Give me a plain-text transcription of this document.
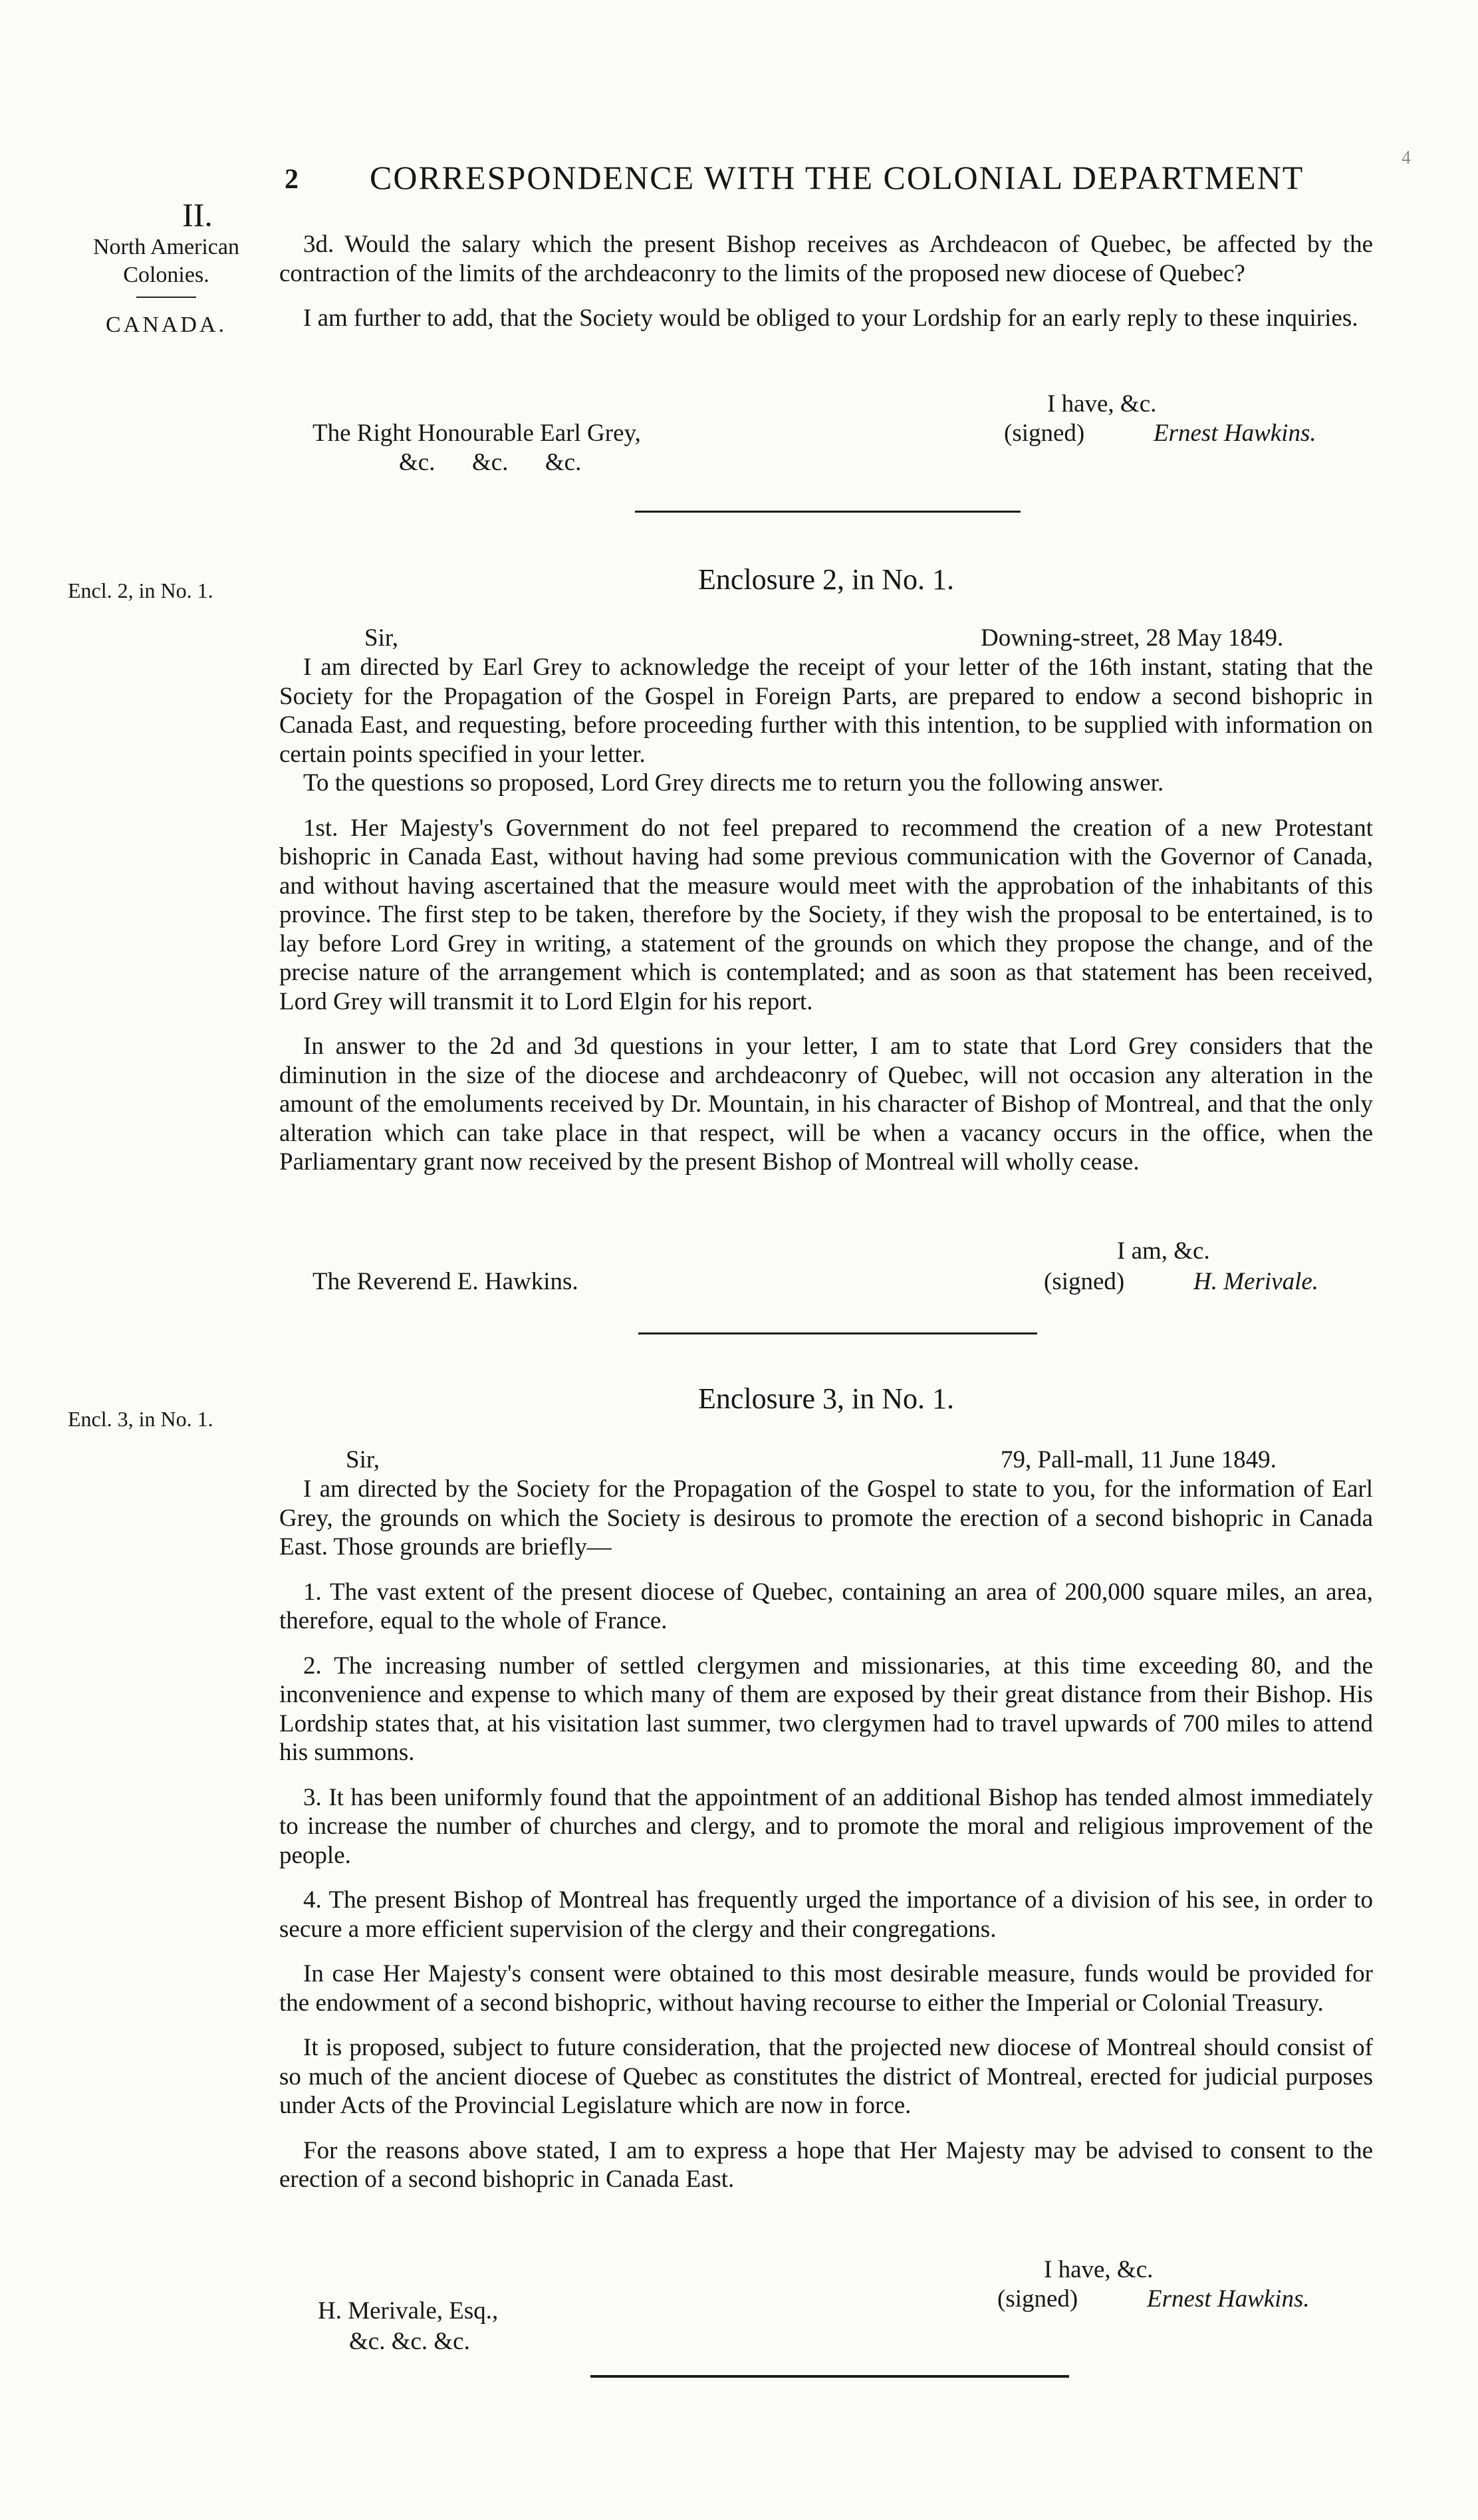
2 CORRESPONDENCE WITH THE COLONIAL DEPARTMENT
4
II.
North American
Colonies.
CANADA.

3d. Would the salary which the present Bishop receives as Archdeacon of Quebec, be affected by the contraction of the limits of the archdeaconry to the limits of the proposed new diocese of Quebec?

I am further to add, that the Society would be obliged to your Lordship for an early reply to these inquiries.

I have, &c.
(signed)	Ernest Hawkins.
The Right Honourable Earl Grey,
&c.      &c.      &c.
Encl. 2, in No. 1.	Enclosure 2, in No. 1.
Sir,	Downing-street, 28 May 1849.

I am directed by Earl Grey to acknowledge the receipt of your letter of the 16th instant, stating that the Society for the Propagation of the Gospel in Foreign Parts, are prepared to endow a second bishopric in Canada East, and requesting, before proceeding further with this intention, to be supplied with information on certain points specified in your letter.

To the questions so proposed, Lord Grey directs me to return you the following answer.

1st. Her Majesty's Government do not feel prepared to recommend the creation of a new Protestant bishopric in Canada East, without having had some previous communication with the Governor of Canada, and without having ascertained that the measure would meet with the approbation of the inhabitants of this province. The first step to be taken, therefore by the Society, if they wish the proposal to be entertained, is to lay before Lord Grey in writing, a statement of the grounds on which they propose the change, and of the precise nature of the arrangement which is contemplated; and as soon as that statement has been received, Lord Grey will transmit it to Lord Elgin for his report.

In answer to the 2d and 3d questions in your letter, I am to state that Lord Grey considers that the diminution in the size of the diocese and archdeaconry of Quebec, will not occasion any alteration in the amount of the emoluments received by Dr. Mountain, in his character of Bishop of Montreal, and that the only alteration which can take place in that respect, will be when a vacancy occurs in the office, when the Parliamentary grant now received by the present Bishop of Montreal will wholly cease.

I am, &c.
(signed)	H. Merivale.
The Reverend E. Hawkins.
Encl. 3, in No. 1.
Enclosure 3, in No. 1.
Sir,	79, Pall-mall, 11 June 1849.

I am directed by the Society for the Propagation of the Gospel to state to you, for the information of Earl Grey, the grounds on which the Society is desirous to promote the erection of a second bishopric in Canada East. Those grounds are briefly—

1. The vast extent of the present diocese of Quebec, containing an area of 200,000 square miles, an area, therefore, equal to the whole of France.

2. The increasing number of settled clergymen and missionaries, at this time exceeding 80, and the inconvenience and expense to which many of them are exposed by their great distance from their Bishop. His Lordship states that, at his visitation last summer, two clergymen had to travel upwards of 700 miles to attend his summons.

3. It has been uniformly found that the appointment of an additional Bishop has tended almost immediately to increase the number of churches and clergy, and to promote the moral and religious improvement of the people.

4. The present Bishop of Montreal has frequently urged the importance of a division of his see, in order to secure a more efficient supervision of the clergy and their congregations.

In case Her Majesty's consent were obtained to this most desirable measure, funds would be provided for the endowment of a second bishopric, without having recourse to either the Imperial or Colonial Treasury.

It is proposed, subject to future consideration, that the projected new diocese of Montreal should consist of so much of the ancient diocese of Quebec as constitutes the district of Montreal, erected for judicial purposes under Acts of the Provincial Legislature which are now in force.

For the reasons above stated, I am to express a hope that Her Majesty may be advised to consent to the erection of a second bishopric in Canada East.

I have, &c.
(signed)	Ernest Hawkins.
H. Merivale, Esq.,
&c. &c. &c.
